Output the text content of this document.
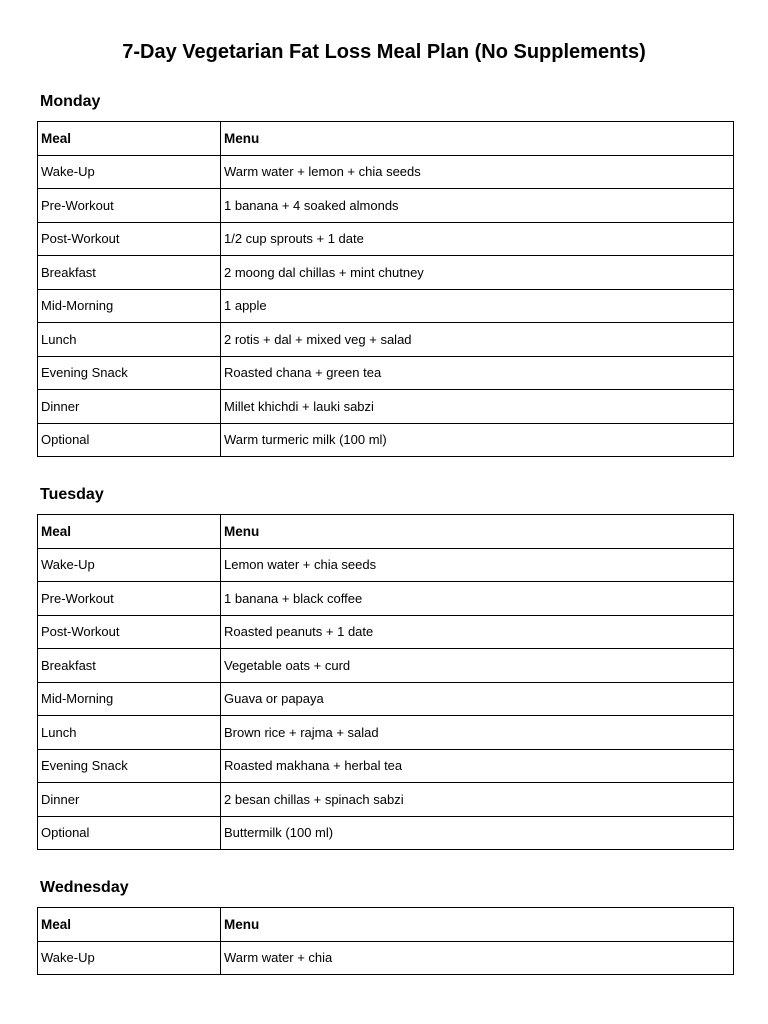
7-Day Vegetarian Fat Loss Meal Plan (No Supplements)
Monday
Meal	Menu
Wake-Up	Warm water + lemon + chia seeds
Pre-Workout	1 banana + 4 soaked almonds
Post-Workout	1/2 cup sprouts + 1 date
Breakfast	2 moong dal chillas + mint chutney
Mid-Morning	1 apple
Lunch	2 rotis + dal + mixed veg + salad
Evening Snack	Roasted chana + green tea
Dinner	Millet khichdi + lauki sabzi
Optional	Warm turmeric milk (100 ml)
Tuesday
Meal	Menu
Wake-Up	Lemon water + chia seeds
Pre-Workout	1 banana + black coffee
Post-Workout	Roasted peanuts + 1 date
Breakfast	Vegetable oats + curd
Mid-Morning	Guava or papaya
Lunch	Brown rice + rajma + salad
Evening Snack	Roasted makhana + herbal tea
Dinner	2 besan chillas + spinach sabzi
Optional	Buttermilk (100 ml)
Wednesday
Meal	Menu
Wake-Up	Warm water + chia
